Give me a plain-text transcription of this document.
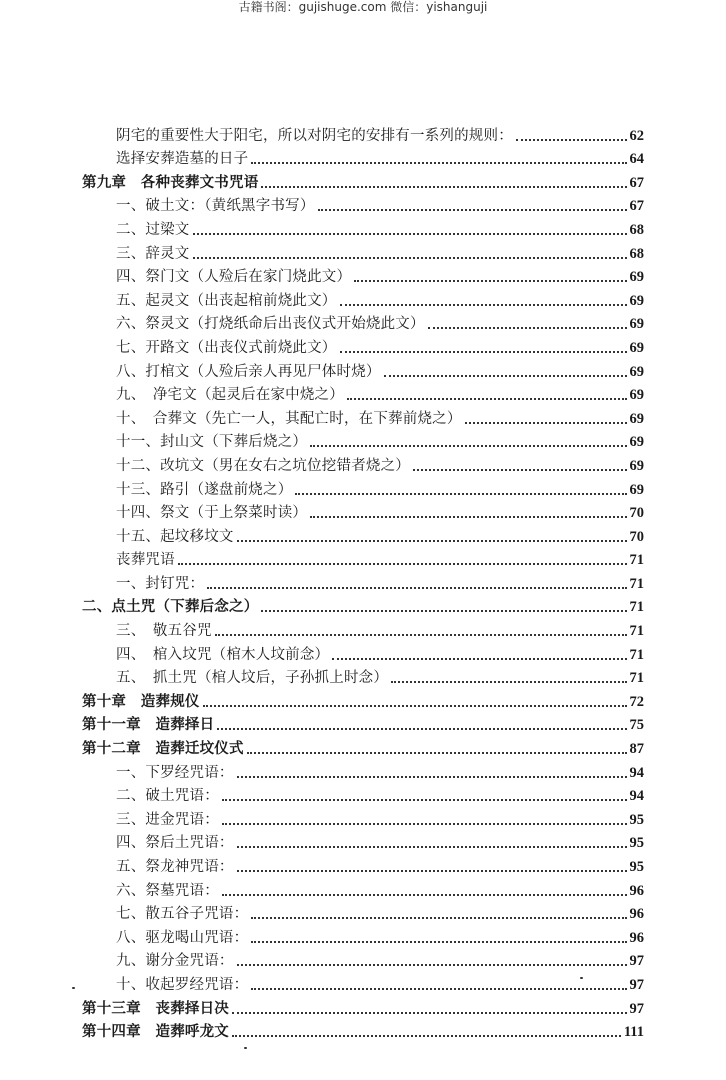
古籍书阁：gujishuge.com 微信：yishanguji
阴宅的重要性大于阳宅，所以对阴宅的安排有一系列的规则：	62
选择安葬造墓的日子	64
第九章　各种丧葬文书咒语	67
一、破土文：（黄纸黑字书写）	67
二、过梁文	68
三、辞灵文	68
四、祭门文（人殓后在家门烧此文）	69
五、起灵文（出丧起棺前烧此文）	69
六、祭灵文（打烧纸命后出丧仪式开始烧此文）	69
七、开路文（出丧仪式前烧此文）	69
八、打棺文（人殓后亲人再见尸体时烧）	69
九、　净宅文（起灵后在家中烧之）	69
十、　合葬文（先亡一人，其配亡时，在下葬前烧之）	69
十一、封山文（下葬后烧之）	69
十二、改坑文（男在女右之坑位挖错者烧之）	69
十三、路引（遂盘前烧之）	69
十四、祭文（于上祭菜时读）	70
十五、起坟移坟文	70
丧葬咒语	71
一、封钉咒：	71
二、点土咒（下葬后念之）	71
三、　敬五谷咒	71
四、　棺入坟咒（棺木人坟前念）	71
五、　抓土咒（棺人坟后，子孙抓上时念）	71
第十章　造葬规仪	72
第十一章　造葬择日	75
第十二章　造葬迁坟仪式	87
一、下罗经咒语：	94
二、破土咒语：	94
三、进金咒语：	95
四、祭后土咒语：	95
五、祭龙神咒语：	95
六、祭墓咒语：	96
七、散五谷子咒语：	96
八、驱龙喝山咒语：	96
九、谢分金咒语：	97
十、收起罗经咒语：	97
第十三章　丧葬择日决	97
第十四章　造葬呼龙文	111
